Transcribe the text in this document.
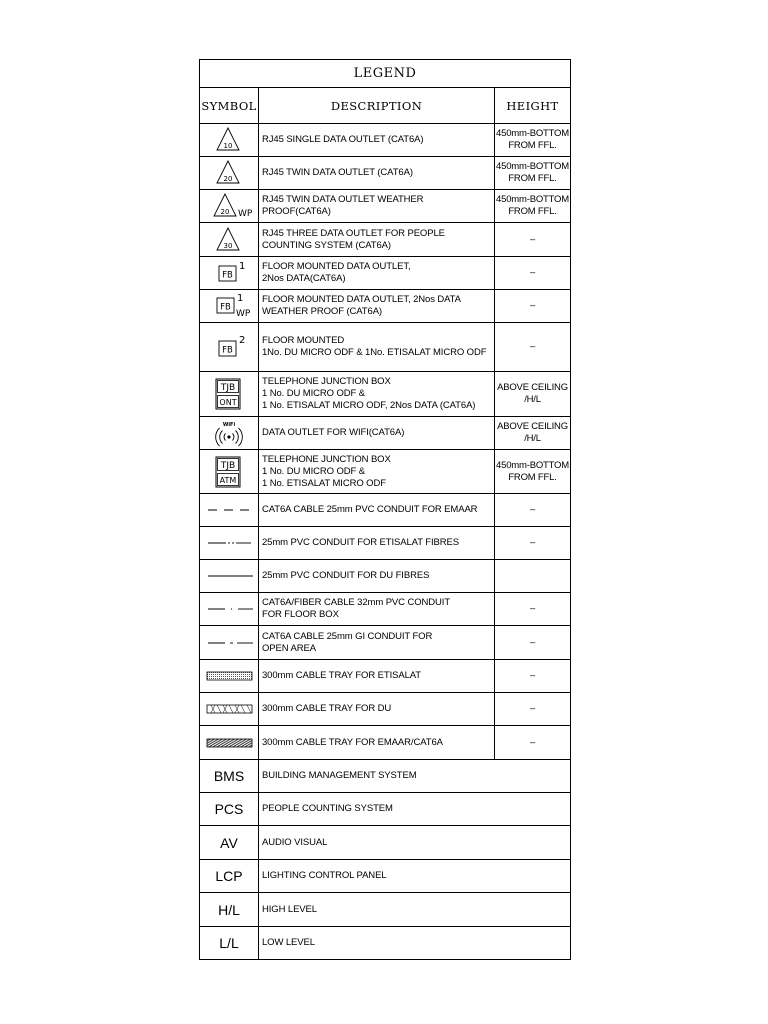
LEGEND		
SYMBOL	DESCRIPTION	HEIGHT

10	RJ45 SINGLE DATA OUTLET (CAT6A)	450mm-BOTTOM
FROM FFL.

20	RJ45 TWIN DATA OUTLET (CAT6A)	450mm-BOTTOM
FROM FFL.

20 WP	RJ45 TWIN DATA OUTLET WEATHER PROOF(CAT6A)	450mm-BOTTOM
FROM FFL.

30	RJ45 THREE DATA OUTLET FOR PEOPLE
COUNTING SYSTEM (CAT6A)	–

FB
1	FLOOR MOUNTED DATA OUTLET,
2Nos DATA(CAT6A)	–

FB
1
WP	FLOOR MOUNTED DATA OUTLET, 2Nos DATA
WEATHER PROOF (CAT6A)	–

FB
2	FLOOR MOUNTED
1No. DU MICRO ODF & 1No. ETISALAT MICRO ODF	–

TJB
ONT	TELEPHONE JUNCTION BOX
1 No. DU MICRO ODF &
1 No. ETISALAT MICRO ODF, 2Nos DATA (CAT6A)	ABOVE CEILING
/H/L

WiFi	DATA OUTLET FOR WIFI(CAT6A)	ABOVE CEILING
/H/L

TJB
ATM	TELEPHONE JUNCTION BOX
1 No. DU MICRO ODF &
1 No. ETISALAT MICRO ODF	450mm-BOTTOM
FROM FFL.

	CAT6A CABLE 25mm PVC CONDUIT FOR EMAAR	–

	25mm PVC CONDUIT FOR ETISALAT FIBRES	–

	25mm PVC CONDUIT FOR DU FIBRES	

	CAT6A/FIBER CABLE 32mm PVC CONDUIT
FOR FLOOR BOX	–

	CAT6A CABLE 25mm GI CONDUIT FOR
OPEN AREA	–

	300mm CABLE TRAY FOR ETISALAT	–

	300mm CABLE TRAY FOR DU	–

	300mm CABLE TRAY FOR EMAAR/CAT6A	–
BMS	BUILDING MANAGEMENT SYSTEM	
PCS	PEOPLE COUNTING SYSTEM	
AV	AUDIO VISUAL	
LCP	LIGHTING CONTROL PANEL	
H/L	HIGH LEVEL	
L/L	LOW LEVEL	
